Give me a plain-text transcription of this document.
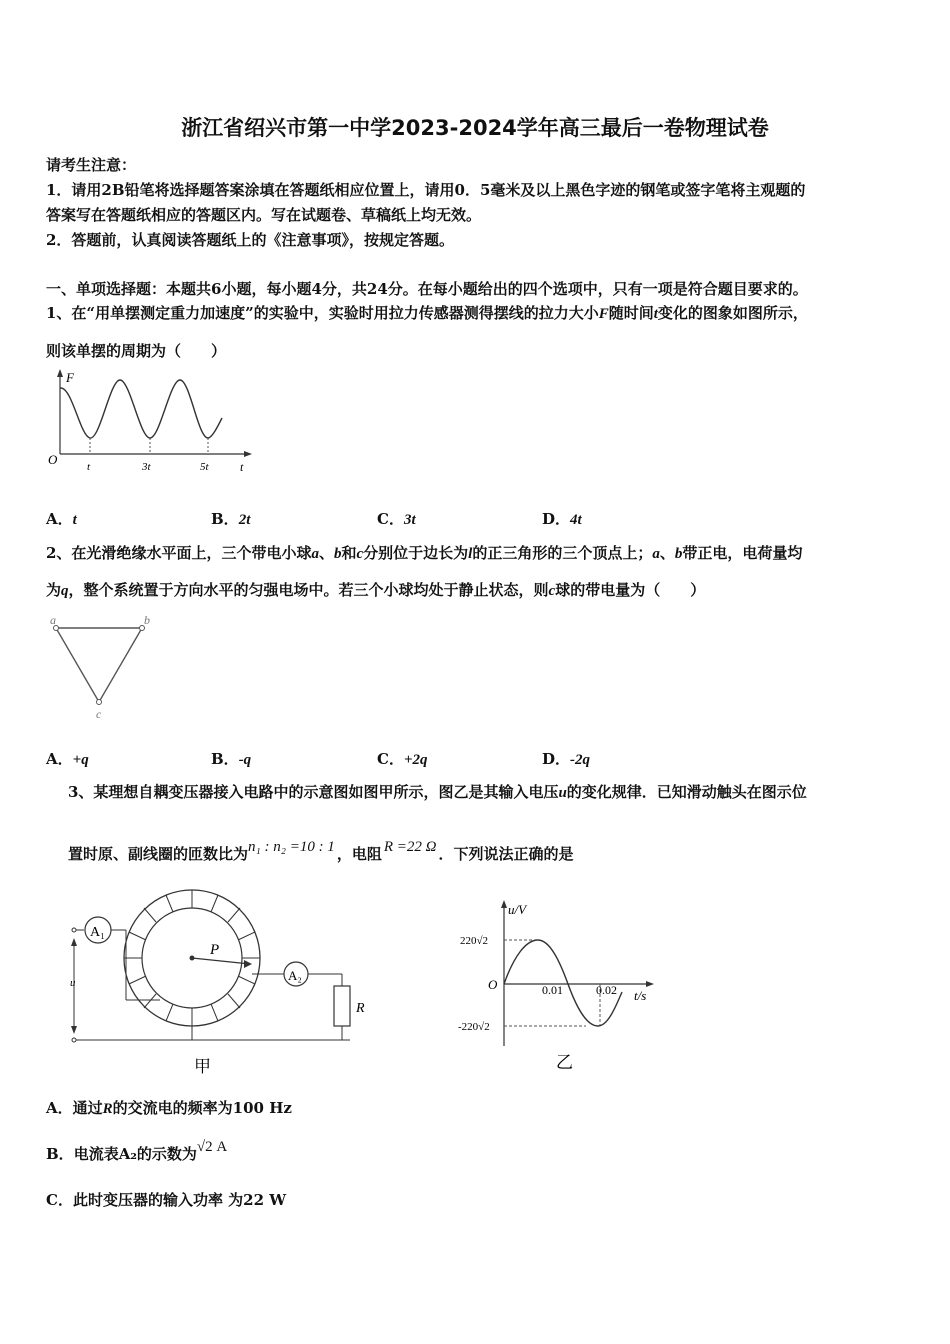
浙江省绍兴市第一中学2023-2024学年高三最后一卷物理试卷
请考生注意：
1．请用2B铅笔将选择题答案涂填在答题纸相应位置上，请用0．5毫米及以上黑色字迹的钢笔或签字笔将主观题的
答案写在答题纸相应的答题区内。写在试题卷、草稿纸上均无效。
2．答题前，认真阅读答题纸上的《注意事项》，按规定答题。
一、单项选择题：本题共6小题，每小题4分，共24分。在每小题给出的四个选项中，只有一项是符合题目要求的。
1、在“用单摆测定重力加速度”的实验中，实验时用拉力传感器测得摆线的拉力大小F随时间t变化的图象如图所示，
则该单摆的周期为（　　）
F
O	t
t	3t	5t
A．t	B．2t	C．3t	D．4t
2、在光滑绝缘水平面上，三个带电小球a、b和c分别位于边长为l的正三角形的三个顶点上；a、b带正电，电荷量均
为q，整个系统置于方向水平的匀强电场中。若三个小球均处于静止状态，则c球的带电量为（　　）
a	b
c
A．+q	B．-q	C．+2q	D．-2q
3、某理想自耦变压器接入电路中的示意图如图甲所示，图乙是其输入电压u的变化规律．已知滑动触头在图示位
置时原、副线圈的匝数比为n₁ : n₂ =10 : 1 ，电阻 R =22 Ω ．下列说法正确的是
P
A₁
u	A₂
R
甲
u/V
t/s
O
220√2
-220√2
0.01	0.02
乙
A．通过R的交流电的频率为100 Hz
B．电流表A₂的示数为√2 A
C．此时变压器的输入功率 为22 W
